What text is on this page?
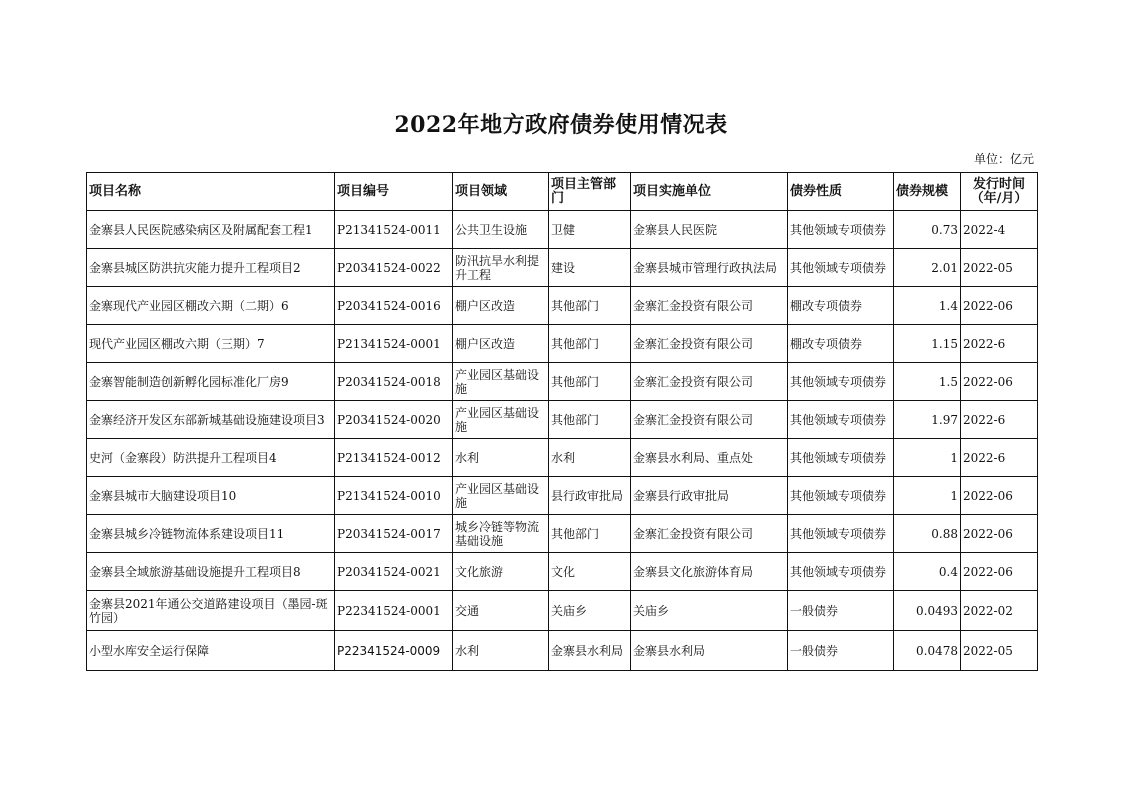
2022年地方政府债券使用情况表
单位：亿元
项目名称	项目编号	项目领域	项目主管部门	项目实施单位	债券性质	债券规模	发行时间（年/月）
金寨县人民医院感染病区及附属配套工程1	P21341524-0011	公共卫生设施	卫健	金寨县人民医院	其他领域专项债券	0.73	2022-4
金寨县城区防洪抗灾能力提升工程项目2	P20341524-0022	防汛抗旱水利提升工程	建设	金寨县城市管理行政执法局	其他领域专项债券	2.01	2022-05
金寨现代产业园区棚改六期（二期）6	P20341524-0016	棚户区改造	其他部门	金寨汇金投资有限公司	棚改专项债券	1.4	2022-06
现代产业园区棚改六期（三期）7	P21341524-0001	棚户区改造	其他部门	金寨汇金投资有限公司	棚改专项债券	1.15	2022-6
金寨智能制造创新孵化园标准化厂房9	P20341524-0018	产业园区基础设施	其他部门	金寨汇金投资有限公司	其他领域专项债券	1.5	2022-06
金寨经济开发区东部新城基础设施建设项目3	P20341524-0020	产业园区基础设施	其他部门	金寨汇金投资有限公司	其他领域专项债券	1.97	2022-6
史河（金寨段）防洪提升工程项目4	P21341524-0012	水利	水利	金寨县水利局、重点处	其他领域专项债券	1	2022-6
金寨县城市大脑建设项目10	P21341524-0010	产业园区基础设施	县行政审批局	金寨县行政审批局	其他领域专项债券	1	2022-06
金寨县城乡冷链物流体系建设项目11	P20341524-0017	城乡冷链等物流基础设施	其他部门	金寨汇金投资有限公司	其他领域专项债券	0.88	2022-06
金寨县全域旅游基础设施提升工程项目8	P20341524-0021	文化旅游	文化	金寨县文化旅游体育局	其他领域专项债券	0.4	2022-06
金寨县2021年通公交道路建设项目（墨园-斑竹园）	P22341524-0001	交通	关庙乡	关庙乡	一般债券	0.0493	2022-02
小型水库安全运行保障	P22341524-0009	水利	金寨县水利局	金寨县水利局	一般债券	0.0478	2022-05
